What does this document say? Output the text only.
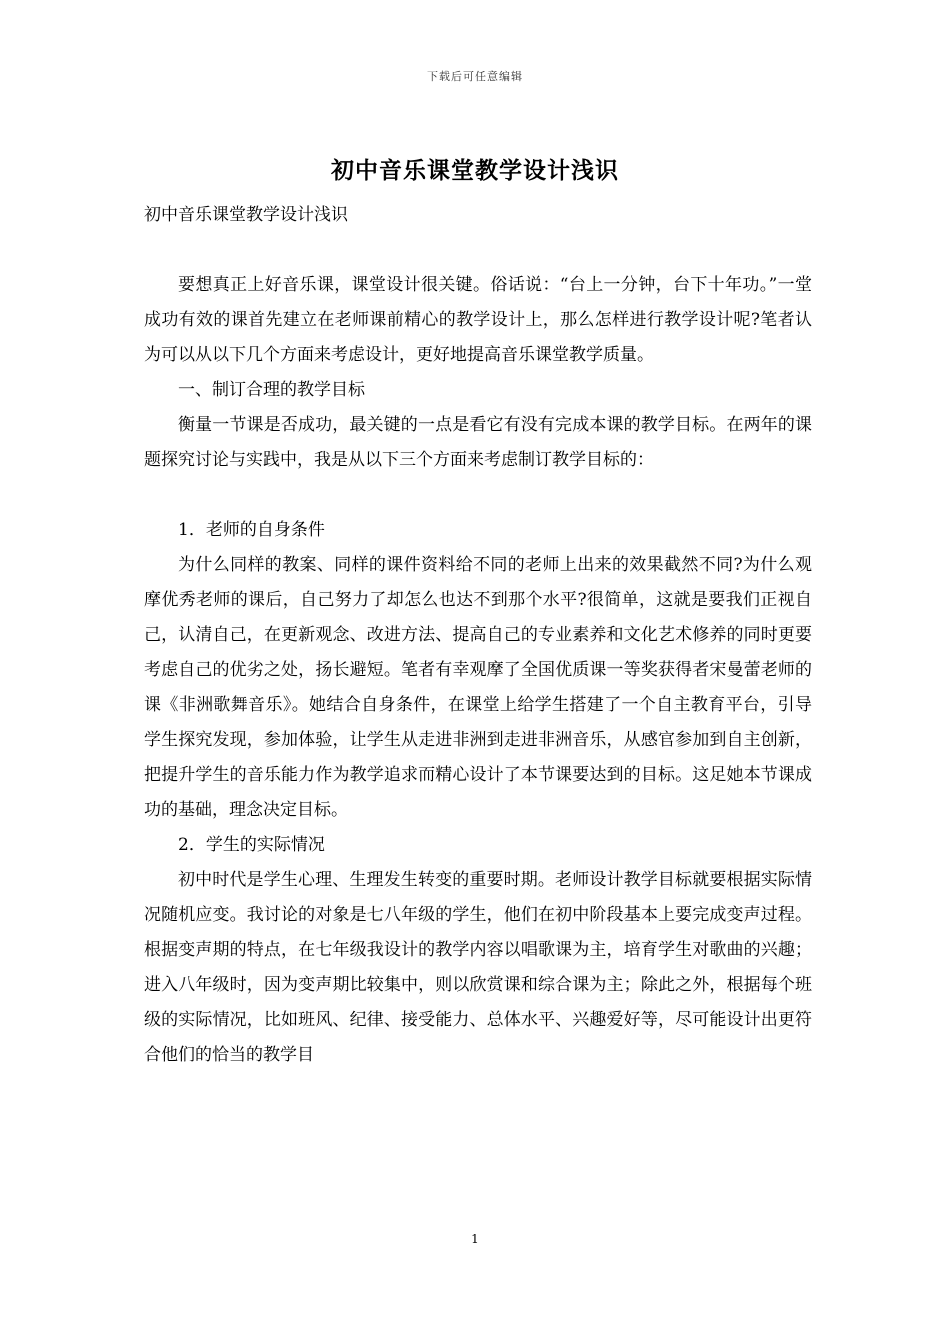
下载后可任意编辑
初中音乐课堂教学设计浅识

初中音乐课堂教学设计浅识

要想真正上好音乐课，课堂设计很关键。俗话说：“台上一分钟，台下十年功。”一堂成功有效的课首先建立在老师课前精心的教学设计上，那么怎样进行教学设计呢?笔者认为可以从以下几个方面来考虑设计，更好地提高音乐课堂教学质量。

一、制订合理的教学目标

衡量一节课是否成功，最关键的一点是看它有没有完成本课的教学目标。在两年的课题探究讨论与实践中，我是从以下三个方面来考虑制订教学目标的：

1．老师的自身条件

为什么同样的教案、同样的课件资料给不同的老师上出来的效果截然不同?为什么观摩优秀老师的课后，自己努力了却怎么也达不到那个水平?很简单，这就是要我们正视自己，认清自己，在更新观念、改进方法、提高自己的专业素养和文化艺术修养的同时更要考虑自己的优劣之处，扬长避短。笔者有幸观摩了全国优质课一等奖获得者宋曼蕾老师的课《非洲歌舞音乐》。她结合自身条件，在课堂上给学生搭建了一个自主教育平台，引导学生探究发现，参加体验，让学生从走进非洲到走进非洲音乐，从感官参加到自主创新，把提升学生的音乐能力作为教学追求而精心设计了本节课要达到的目标。这足她本节课成功的基础，理念决定目标。

2．学生的实际情况

初中时代是学生心理、生理发生转变的重要时期。老师设计教学目标就要根据实际情况随机应变。我讨论的对象是七八年级的学生，他们在初中阶段基本上要完成变声过程。根据变声期的特点，在七年级我设计的教学内容以唱歌课为主，培育学生对歌曲的兴趣；进入八年级时，因为变声期比较集中，则以欣赏课和综合课为主；除此之外，根据每个班级的实际情况，比如班风、纪律、接受能力、总体水平、兴趣爱好等，尽可能设计出更符合他们的恰当的教学目

1
